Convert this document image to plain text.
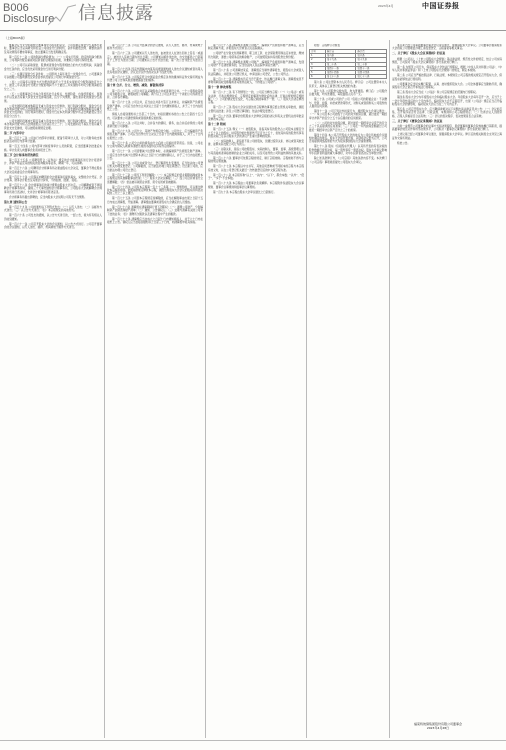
B006
Disclosure 信息披露	2023年4月	中国证券报
（上接B005版）

董事会应当充分听取独立董事和中小股东的意见，公司在制定现金分红具体方案时，董事会应当认真研究和论证公司现金分红的时机、条件和最低比例、调整的条件及其决策程序要求等事宜，独立董事应当发表明确意见。

第一百五十二条 公司的利润分配政策为：（一）公司实行连续、稳定的利润分配政策，公司利润分配应重视对投资者的合理投资回报，并兼顾公司的可持续发展。

（二）公司可以采取现金、股票或者现金与股票相结合的方式分配利润，具备现金分红条件的，应当优先采用现金分红进行利润分配。

（三）在满足现金分红条件时，公司原则上每年进行一次现金分红，公司董事会可以根据公司盈利情况及资金需求状况提议公司进行中期现金分红。

（四）公司每年以现金方式分配的利润不少于当年实现的可分配利润的百分之十，最近三年以现金方式累计分配的利润不少于最近三年实现的年均可分配利润的百分之三十。

（五）公司董事会应当综合考虑所处行业特点、发展阶段、自身经营模式、盈利水平以及是否有重大资金支出安排等因素，区分下列情形，提出差异化的现金分红政策。

公司发展阶段属成熟期且无重大资金支出安排的，进行利润分配时，现金分红在本次利润分配中所占比例最低应当达到百分之八十；公司发展阶段属成熟期且有重大资金支出安排的，进行利润分配时，现金分红在本次利润分配中所占比例最低应当达到百分之四十。

公司发展阶段属成长期且有重大资金支出安排的，进行利润分配时，现金分红在本次利润分配中所占比例最低应当达到百分之二十；公司发展阶段不易区分但有重大资金支出安排的，可以按照前项规定处理。

第二节 内部审计

第一百五十三条 公司实行内部审计制度，配备专职审计人员，对公司财务收支和经济活动进行内部审计监督。

第一百五十四条 公司内部审计制度和审计人员的职责，应当经董事会批准后实施。审计负责人向董事会负责并报告工作。

第三节 会计师事务所的聘任

第一百五十五条 公司聘用符合《证券法》规定的会计师事务所进行会计报表审计、净资产验证及其他相关的咨询服务等业务，聘期一年，可以续聘。

第一百五十六条 公司聘用会计师事务所必须由股东大会决定，董事会不得在股东大会决定前委任会计师事务所。

第一百五十七条 公司保证向聘用的会计师事务所提供真实、完整的会计凭证、会计账簿、财务会计报告及其他会计资料，不得拒绝、隐匿、谎报。

第一百五十八条 会计师事务所的审计费用由股东大会决定。公司解聘或者不再续聘会计师事务所时，提前三十天事先通知会计师事务所，公司股东大会就解聘会计师事务所进行表决时，允许会计师事务所陈述意见。

会计师事务所提出辞聘的，应当向股东大会说明公司有无不当情形。

第九章 通知和公告

第一百五十九条 公司的通知以下列形式发出：（一）以专人送出；（二）以邮件方式送出；（三）以公告方式进行；（四）本章程规定的其他形式。

第一百六十条 公司发出的通知，以公告方式进行的，一经公告，视为所有相关人员收到通知。

第一百六十一条 公司召开股东大会的会议通知，以公告方式进行。公司召开董事会的会议通知，以专人送出、邮件、传真或电子邮件方式进行。

第一百六十二条 公司召开监事会的会议通知，以专人送出、邮件、传真或电子邮件方式进行。

第一百六十三条 公司通知以专人送出的，由被送达人在送达回执上签名（或盖章），被送达人签收日期为送达日期；公司通知以邮件送出的，自交付邮局之日起第五个工作日为送达日期；公司通知以公告方式送出的，第一次公告刊登日为送达日期。

第一百六十四条 因意外遗漏未向某有权得到通知的人送出会议通知或者该等人没有收到会议通知，会议及会议作出的决议并不因此无效。

第一百六十五条 公司指定符合中国证监会规定条件的媒体和证券交易所网站为刊登公司公告和其他需要披露信息的媒体。

第十章 合并、分立、增资、减资、解散和清算

第一百六十六条 公司合并可以采取吸收合并或者新设合并。一个公司吸收其他公司为吸收合并，被吸收的公司解散。两个以上公司合并设立一个新的公司为新设合并，合并各方解散。

第一百六十七条 公司合并，应当由合并各方签订合并协议，并编制资产负债表及财产清单。公司应当自作出合并决议之日起十日内通知债权人，并于三十日内在报纸上公告。

债权人自接到通知书之日起三十日内，未接到通知书的自公告之日起四十五日内，可以要求公司清偿债务或者提供相应的担保。

第一百六十八条 公司合并时，合并各方的债权、债务，由合并后存续的公司或者新设的公司承继。

第一百六十九条 公司分立，其财产作相应的分割。公司分立，应当编制资产负债表及财产清单。公司应当自作出分立决议之日起十日内通知债权人，并于三十日内在报纸上公告。

第一百七十条 公司分立前的债务由分立后的公司承担连带责任。但是，公司在分立前与债权人就债务清偿达成的书面协议另有约定的除外。

第一百七十一条 公司需要减少注册资本时，必须编制资产负债表及财产清单。公司应当自作出减少注册资本决议之日起十日内通知债权人，并于三十日内在报纸上公告。

第一百七十二条 公司合并或者分立，登记事项发生变更的，应当依法向公司登记机关办理变更登记；公司解散的，应当依法办理公司注销登记；设立新公司的，应当依法办理公司设立登记。

第一百七十三条 公司因下列原因解散：（一）本章程规定的营业期限届满或者本章程规定的其他解散事由出现；（二）股东大会决议解散；（三）因公司合并或者分立需要解散；（四）依法被吊销营业执照、责令关闭或者被撤销。

第一百七十四条 公司有本章程第一百七十三条第（一）项情形的，可以通过修改本章程而存续。依照前款规定修改本章程，须经出席股东大会会议的股东所持表决权的三分之二以上通过。

第一百七十五条 公司因本章程规定而解散的，应当在解散事由出现之日起十五日内成立清算组，开始清算。清算组由董事或者股东大会确定的人员组成。

第一百七十六条 清算组在清算期间行使下列职权：（一）清理公司财产，分别编制资产负债表和财产清单；（二）通知、公告债权人；（三）处理与清算有关的公司未了结的业务；（四）清缴所欠税款以及清算过程中产生的税款。

第一百七十七条 清算组应当自成立之日起十日内通知债权人，并于六十日内在报纸上公告。债权人应当自接到通知书之日起三十日内，向清算组申报其债权。

第一百七十八条 清算组在清理公司财产、编制资产负债表和财产清单后，应当制定清算方案，并报股东大会或者人民法院确认。

公司财产在分别支付清算费用、职工的工资、社会保险费用和法定补偿金，缴纳所欠税款，清偿公司债务后的剩余财产，公司按照股东持有的股份比例分配。

第一百七十九条 清算组在清理公司财产、编制资产负债表和财产清单后，发现公司财产不足清偿债务的，应当依法向人民法院申请宣告破产。

第一百八十条 公司清算结束后，清算组应当制作清算报告，报股东大会或者人民法院确认，并报送公司登记机关，申请注销公司登记，公告公司终止。

第一百八十一条 清算组成员应当忠于职守，依法履行清算义务。清算组成员不得利用职权收受贿赂或者其他非法收入，不得侵占公司财产。

第十一章 修改章程

第一百八十二条 有下列情形之一的，公司应当修改章程：（一）《公司法》或有关法律、行政法规修改后，章程规定的事项与修改后的法律、行政法规的规定相抵触；（二）公司的情况发生变化，与章程记载的事项不一致；（三）股东大会决定修改章程。

第一百八十三条 股东大会决议通过的章程修改事项应经主管机关审批的，须报主管机关批准；涉及公司登记事项的，依法办理变更登记。

第一百八十四条 董事会依照股东大会修改章程的决议和有关主管机关的审批意见修改本章程。

第十二章 附则

第一百八十五条 释义（一）控股股东，是指其持有的股份占公司股本总额百分之五十以上的股东；持有股份的比例虽然不足百分之五十，但依其持有的股份所享有的表决权已足以对股东大会的决议产生重大影响的股东。

（二）实际控制人，是指虽不是公司的股东，但通过投资关系、协议或者其他安排，能够实际支配公司行为的人。

（三）关联关系，是指公司控股股东、实际控制人、董事、监事、高级管理人员与其直接或者间接控制的企业之间的关系，以及可能导致公司利益转移的其他关系。

第一百八十六条 董事会可依照章程的规定，制订章程细则。章程细则不得与章程的规定相抵触。

第一百八十七条 本章程以中文书写，其他任何语种或不同版本的章程与本章程有歧义时，以在公司登记机关最近一次核准登记后的中文版章程为准。

第一百八十八条 本章程所称“以上”、“以内”、“以下”，都含本数；“以外”、“低于”、“多于”不含本数。

第一百八十九条 本章程由公司董事会负责解释。本章程附件包括股东大会议事规则、董事会议事规则和监事会议事规则。

第一百九十条 本章程自股东大会审议通过之日起施行。

附表：章程修订对照表

序号	修订前	修订后
1	第六条	第六条
2	第十九条	第十九条
3	第二十条	第二十条
4	第四十一条	第四十一条
5	第四十四条	第四十四条
6	第七十八条	第七十八条

第六条 公司注册资本为人民币元。修订后：公司注册资本为人民币元，具体以工商登记机关核准的为准。

第十九条 公司股份总数为股，均为普通股。修订后：公司股份总数为股，均为普通股，每股面值人民币一元。

第二十条 公司或公司的子公司（包括公司的附属企业）不以赠与、垫资、担保、补偿或贷款等形式，对购买或者拟购买公司股份的人提供任何资助。

第四十一条 公司下列对外担保行为，须经股东大会审议通过：（一）本公司及本公司控股子公司的对外担保总额，超过最近一期经审计净资产的百分之五十以后提供的任何担保。

（二）公司的对外担保总额，超过最近一期经审计总资产的百分之三十以后提供的任何担保；（三）公司在一年内担保金额超过公司最近一期经审计总资产百分之三十的担保。

第四十四条 本公司召开股东大会的地点为公司住所地或会议通知中确定的地点。股东大会将设置会场，以现场会议形式召开，公司还将提供网络投票的方式为股东参加股东大会提供便利。

第七十八条 股东（包括股东代理人）以其所代表的有表决权的股份数额行使表决权，每一股份享有一票表决权。股东大会审议影响中小投资者利益的重大事项时，对中小投资者表决应当单独计票。

除上述条款修订外，《公司章程》其他条款内容不变。本次修订《公司章程》事项尚需提交公司股东大会审议。

本议案已经公司第届董事会第次会议审议通过，现提请股东大会审议。公司董事会提请股东大会授权公司管理层办理工商变更登记、章程备案等相关事宜。

二、关于修订《股东大会议事规则》的议案

根据《公司法》、《上市公司股东大会规则》等法律法规、规范性文件的规定，结合公司实际情况，公司拟对《股东大会议事规则》部分条款进行修订。

第一条 为规范公司行为，保证股东大会依法行使职权，根据《中华人民共和国公司法》、《中华人民共和国证券法》和《上市公司股东大会规则》的规定，制定本规则。

第二条 公司应当严格按照法律、行政法规、本规则及公司章程的相关规定召开股东大会，保证股东能够依法行使权利。

公司董事会应当切实履行职责，认真、按时组织股东大会。公司全体董事应当勤勉尽责，确保股东大会正常召开和依法行使职权。

第三条 股东大会应当在《公司法》和公司章程规定的范围内行使职权。

第四条 股东大会分为年度股东大会和临时股东大会。年度股东大会每年召开一次，应当于上一会计年度结束后的六个月内举行。临时股东大会不定期召开，出现《公司法》规定应当召开临时股东大会的情形时，临时股东大会应当在二个月内召开。

第五条 公司召开股东大会，应当聘请律师对以下问题出具法律意见并公告：（一）会议的召集、召开程序是否符合法律、行政法规、本规则和公司章程的规定；（二）出席会议人员的资格、召集人资格是否合法有效；（三）会议的表决程序、表决结果是否合法有效。

三、关于修订《董事会议事规则》的议案

为进一步规范公司董事会的议事方式和决策程序，促使董事和董事会有效地履行其职责，提高董事会规范运作和科学决策水平，公司拟对《董事会议事规则》部分条款进行修订。

上述议案已经公司董事会审议通过，现提请股东大会审议。修订后的相关制度全文详见上海证券交易所网站。

特此公告。

福莱特玻璃集团股份有限公司董事会
2023年4月28日
